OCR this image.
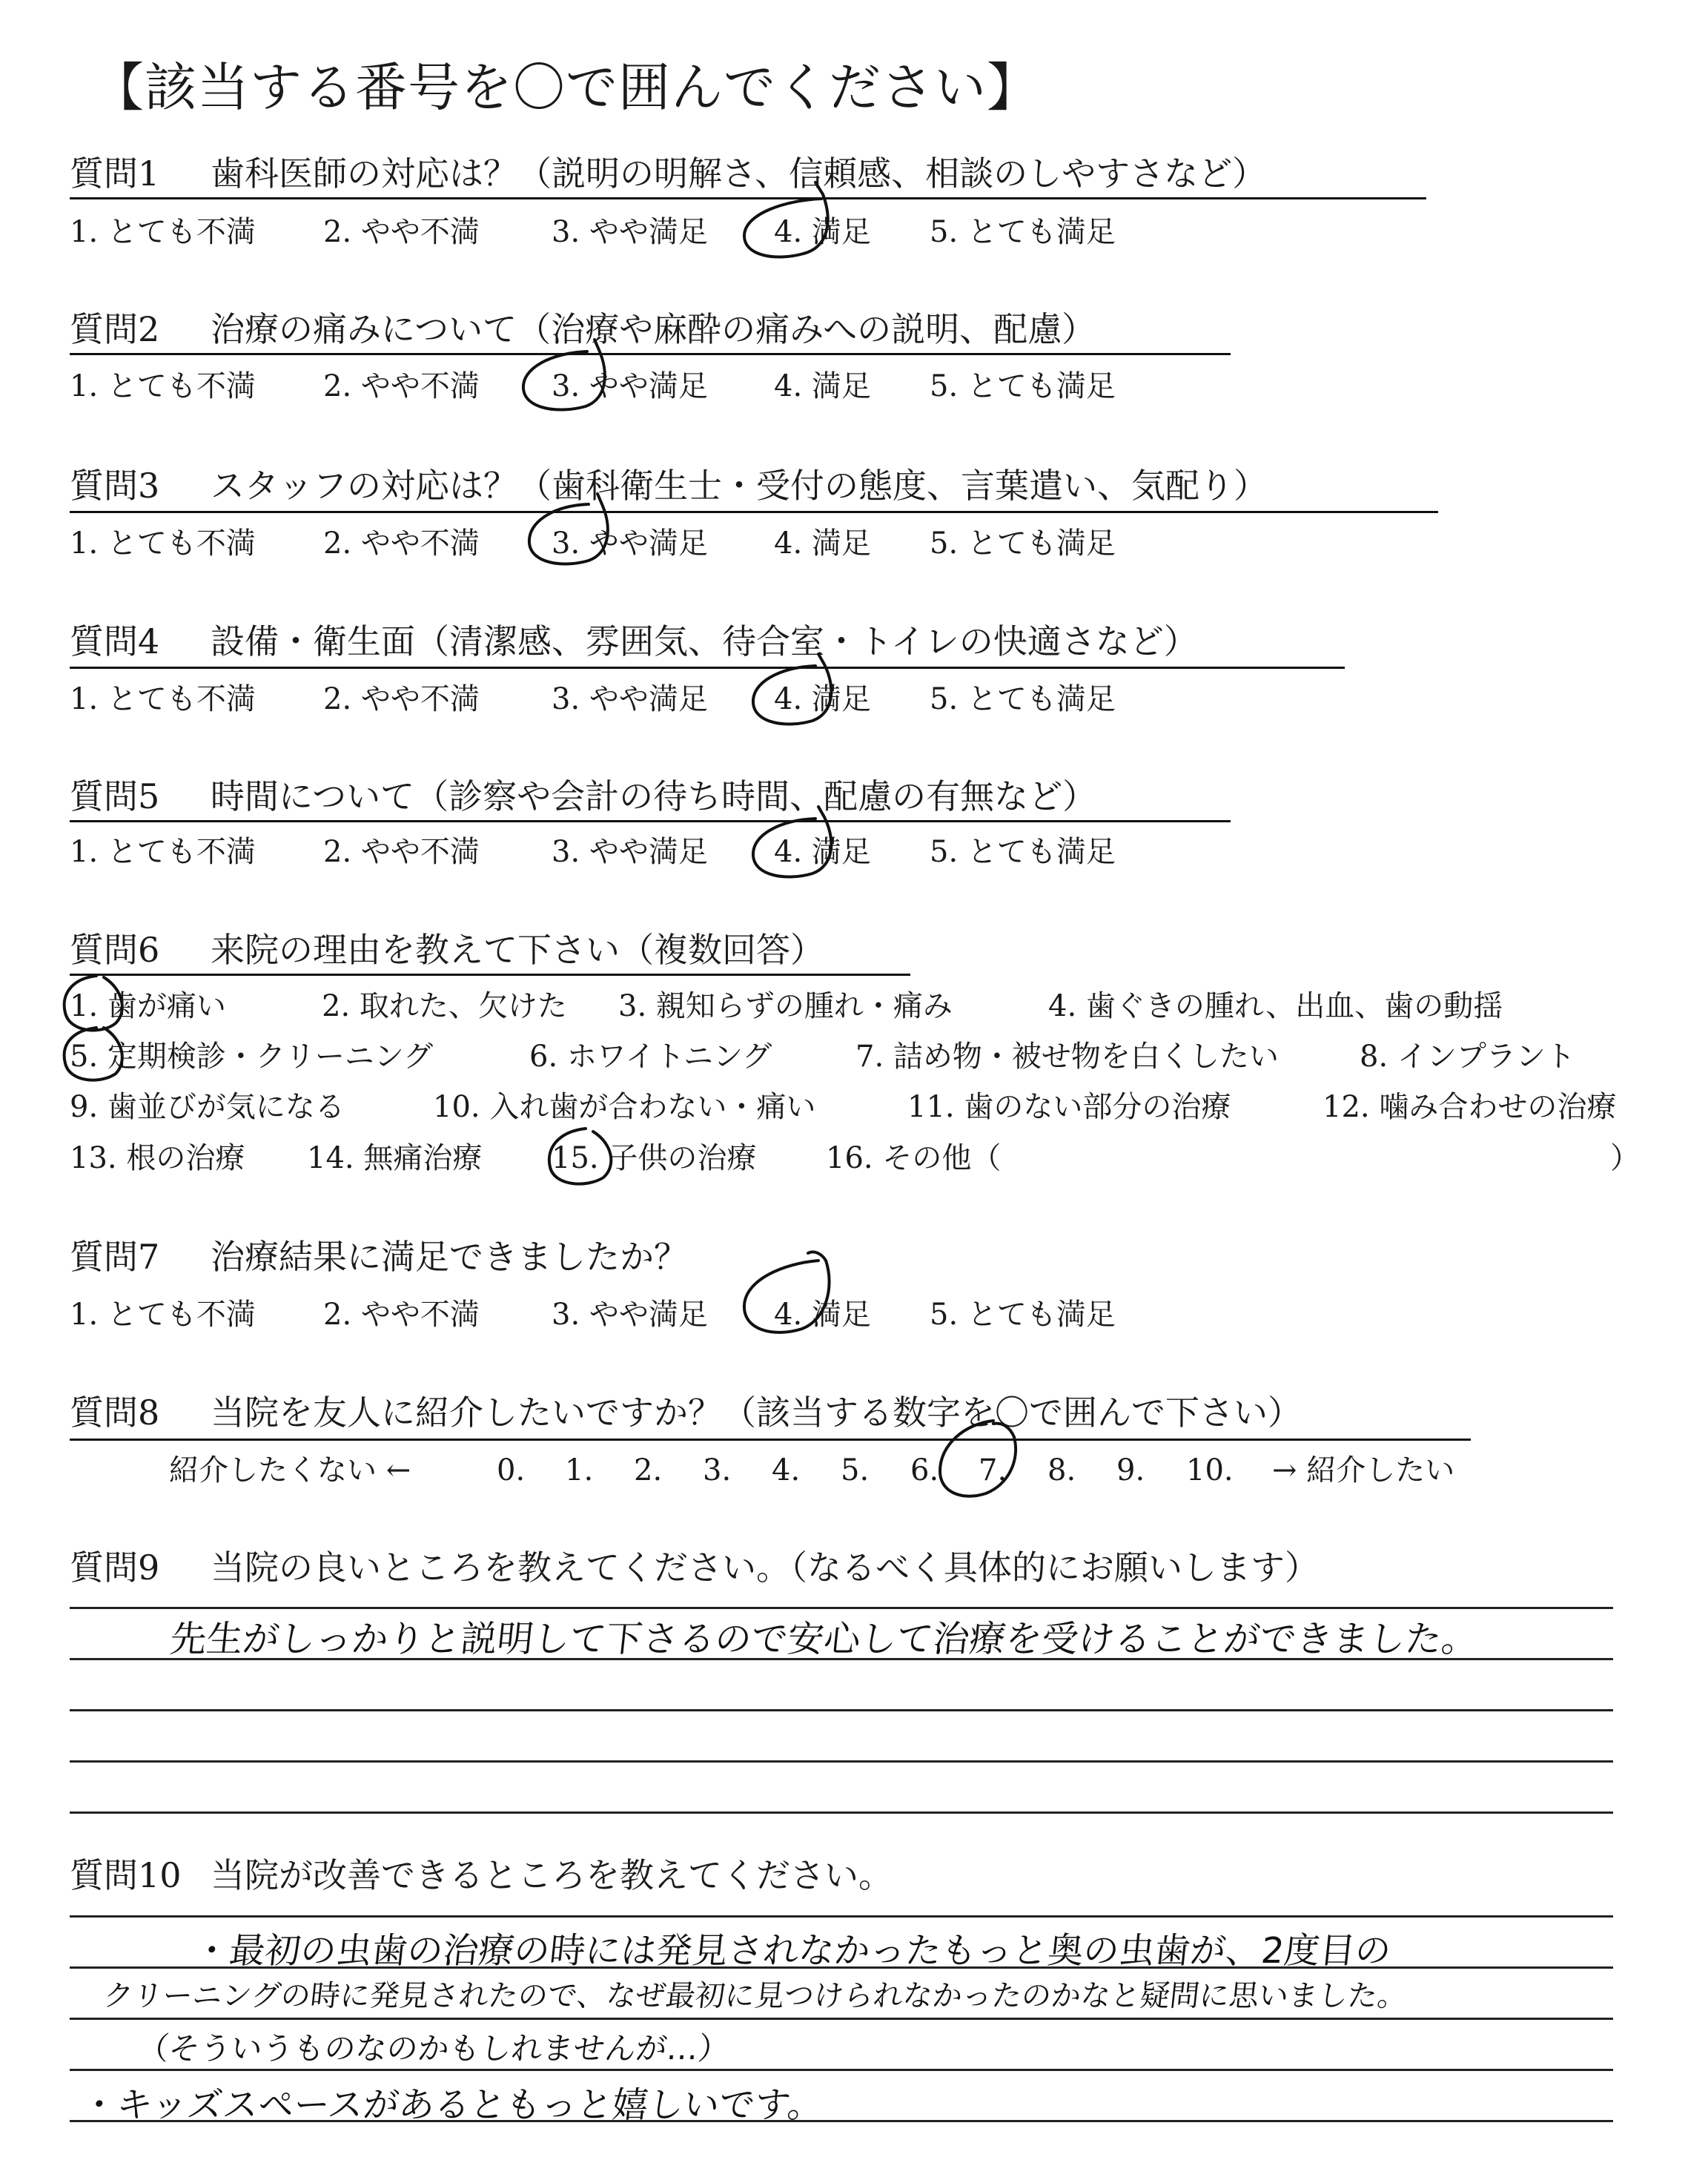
【該当する番号を〇で囲んでください】
質問1 歯科医師の対応は？（説明の明解さ、信頼感、相談のしやすさなど）
1. とても不満 2. やや不満 3. やや満足 4. 満足 5. とても満足
質問2 治療の痛みについて（治療や麻酔の痛みへの説明、配慮）
1. とても不満 2. やや不満 3. やや満足 4. 満足 5. とても満足
質問3 スタッフの対応は？（歯科衛生士・受付の態度、言葉遣い、気配り）
1. とても不満 2. やや不満 3. やや満足 4. 満足 5. とても満足
質問4 設備・衛生面（清潔感、雰囲気、待合室・トイレの快適さなど）
1. とても不満 2. やや不満 3. やや満足 4. 満足 5. とても満足
質問5 時間について（診察や会計の待ち時間、配慮の有無など）
1. とても不満 2. やや不満 3. やや満足 4. 満足 5. とても満足
質問6 来院の理由を教えて下さい（複数回答）
1. 歯が痛い	2. 取れた、欠けた 3. 親知らずの腫れ・痛み	4. 歯ぐきの腫れ、出血、歯の動揺
5. 定期検診・クリーニング	6. ホワイトニング	7. 詰め物・被せ物を白くしたい	8. インプラント
9. 歯並びが気になる	10. 入れ歯が合わない・痛い	11. 歯のない部分の治療	12. 噛み合わせの治療
13. 根の治療 14. 無痛治療 15. 子供の治療 16. その他（	）
質問7 治療結果に満足できましたか？
1. とても不満 2. やや不満 3. やや満足 4. 満足 5. とても満足
質問8 当院を友人に紹介したいですか？（該当する数字を〇で囲んで下さい）
紹介したくない ←	0. 1. 2. 3. 4. 5. 6. 7. 8. 9. 10. → 紹介したい
質問9 当院の良いところを教えてください。（なるべく具体的にお願いします）
先生がしっかりと説明して下さるので安心して治療を受けることができました。
質問10 当院が改善できるところを教えてください。
・最初の虫歯の治療の時には発見されなかったもっと奥の虫歯が、2度目の
クリーニングの時に発見されたので、なぜ最初に見つけられなかったのかなと疑問に思いました。
（そういうものなのかもしれませんが…）
・キッズスペースがあるともっと嬉しいです。
